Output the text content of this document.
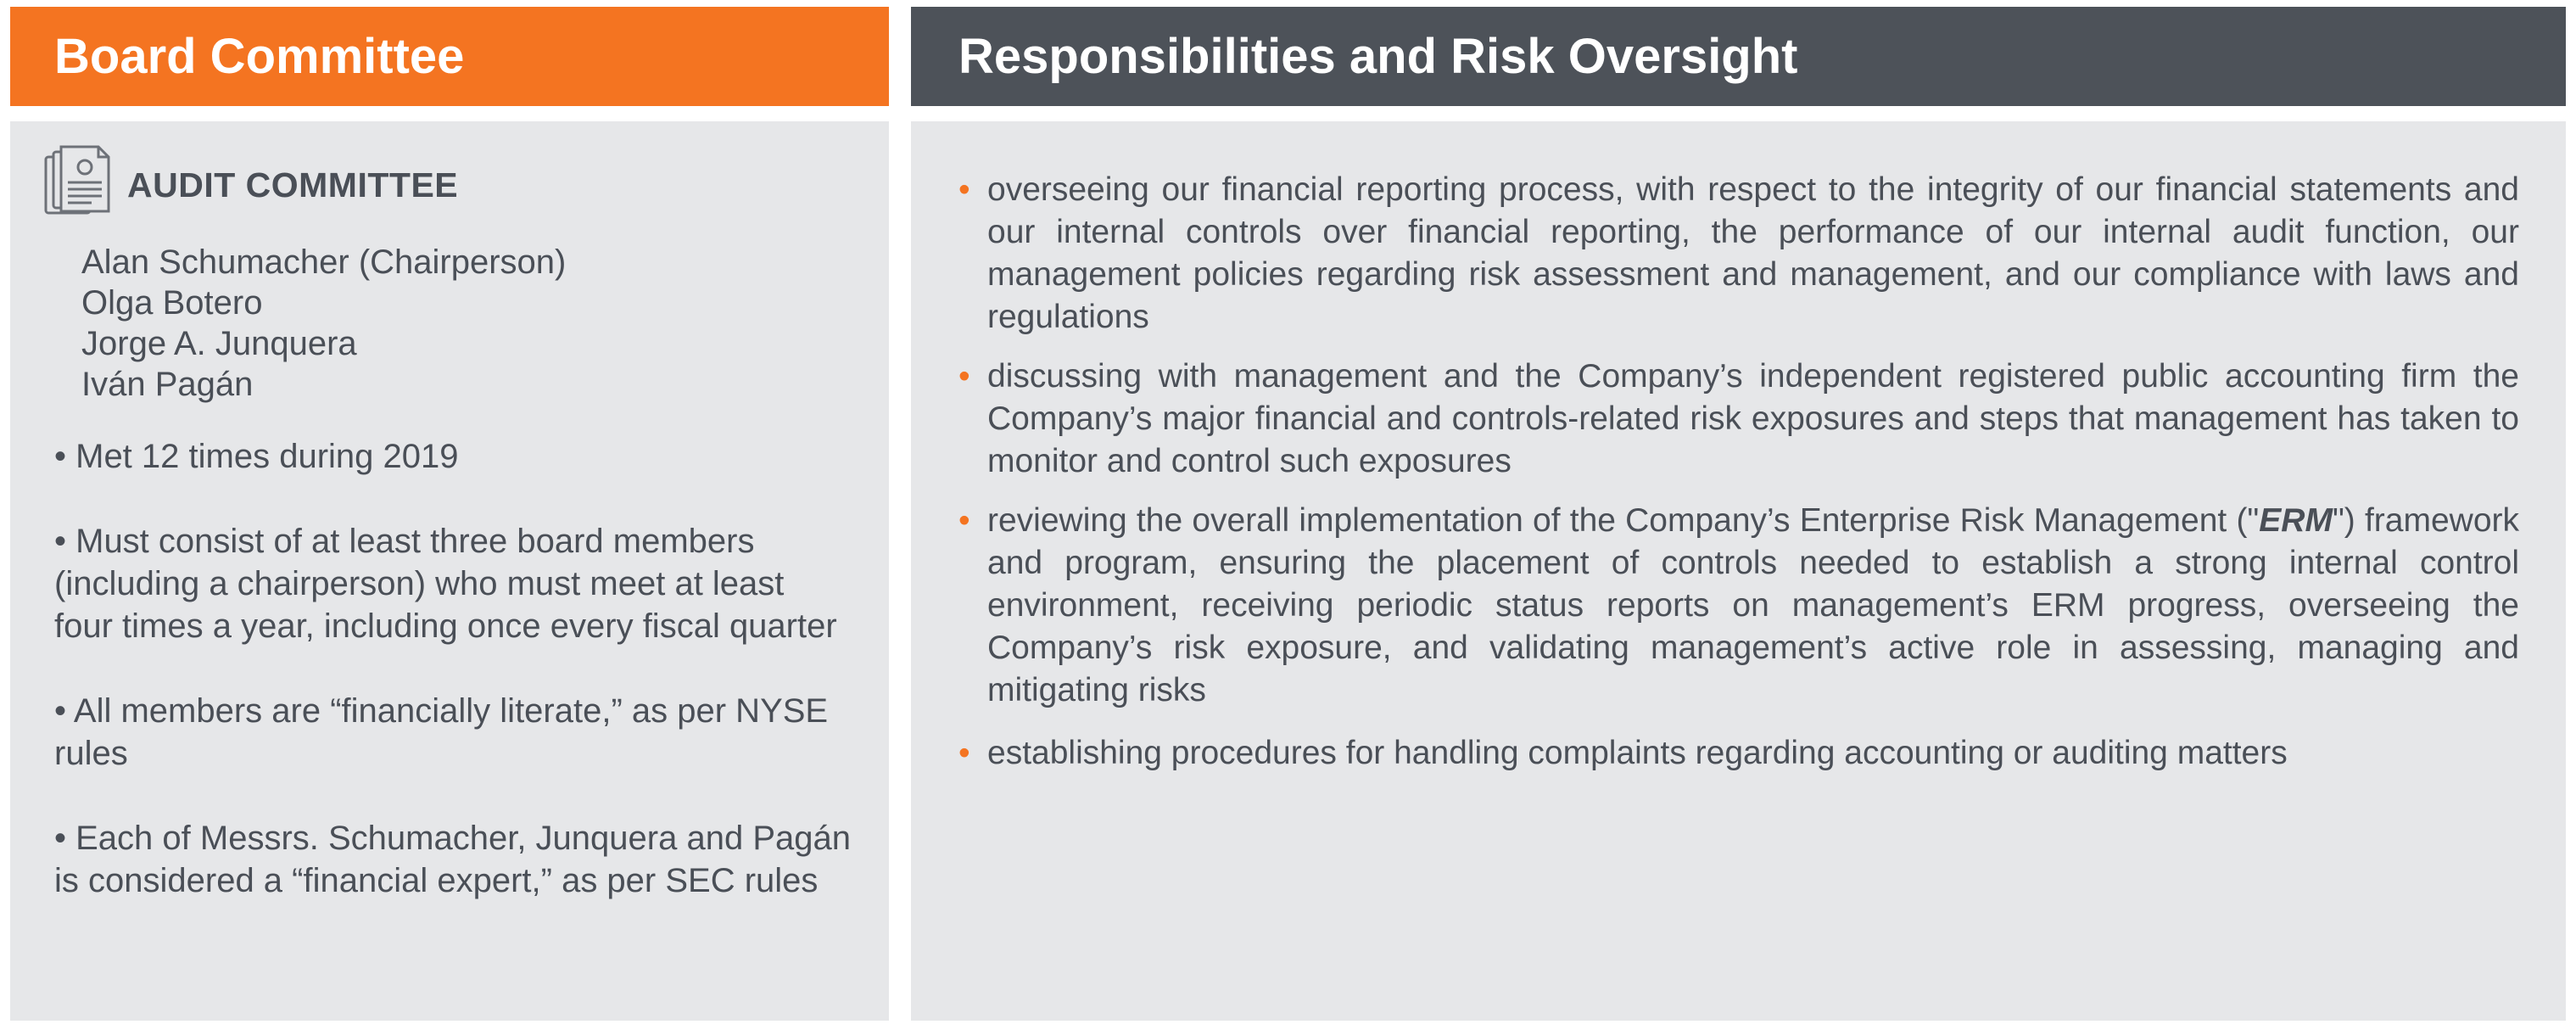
Board Committee	Responsibilities and Risk Oversight
AUDIT COMMITTEE
Alan Schumacher (Chairperson)
Olga Botero
Jorge A. Junquera
Iván Pagán
• Met 12 times during 2019
• Must consist of at least three board members (including a chairperson) who must meet at least four times a year, including once every fiscal quarter
• All members are “financially literate,” as per NYSE rules
• Each of Messrs. Schumacher, Junquera and Pagán is considered a “financial expert,” as per SEC rules
• overseeing our financial reporting process, with respect to the integrity of our financial statements and our internal controls over financial reporting, the performance of our internal audit function, our management policies regarding risk assessment and management, and our compliance with laws and regulations
• discussing with management and the Company’s independent registered public accounting firm the Company’s major financial and controls-related risk exposures and steps that management has taken to monitor and control such exposures
• reviewing the overall implementation of the Company’s Enterprise Risk Management ("ERM") framework and program, ensuring the placement of controls needed to establish a strong internal control environment, receiving periodic status reports on management’s ERM progress, overseeing the Company’s risk exposure, and validating management’s active role in assessing, managing and mitigating risks
• establishing procedures for handling complaints regarding accounting or auditing matters
